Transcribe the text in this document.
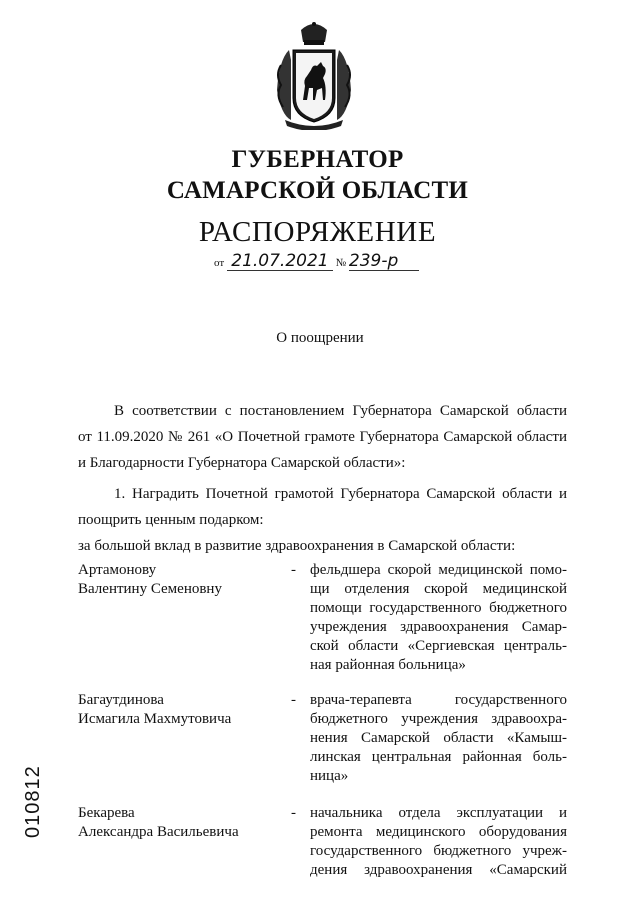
ГУБЕРНАТОР
САМАРСКОЙ ОБЛАСТИ
РАСПОРЯЖЕНИЕ
от 21.07.2021 № 239-р
О поощрении
В соответствии с постановлением Губернатора Самарской области
от 11.09.2020 № 261 «О Почетной грамоте Губернатора Самарской области
и Благодарности Губернатора Самарской области»:
1. Наградить Почетной грамотой Губернатора Самарской области и
поощрить ценным подарком:
за большой вклад в развитие здравоохранения в Самарской области:
Артамонову
Валентину Семеновну
- фельдшера скорой медицинской помо-
щи отделения скорой медицинской
помощи государственного бюджетного
учреждения здравоохранения Самар-
ской области «Сергиевская централь-
ная районная больница»
Багаутдинова
Исмагила Махмутовича
- врача-терапевта государственного
бюджетного учреждения здравоохра-
нения Самарской области «Камыш-
линская центральная районная боль-
ница»
Бекарева
Александра Васильевича
- начальника отдела эксплуатации и
ремонта медицинского оборудования
государственного бюджетного учреж-
дения здравоохранения «Самарский
010812
